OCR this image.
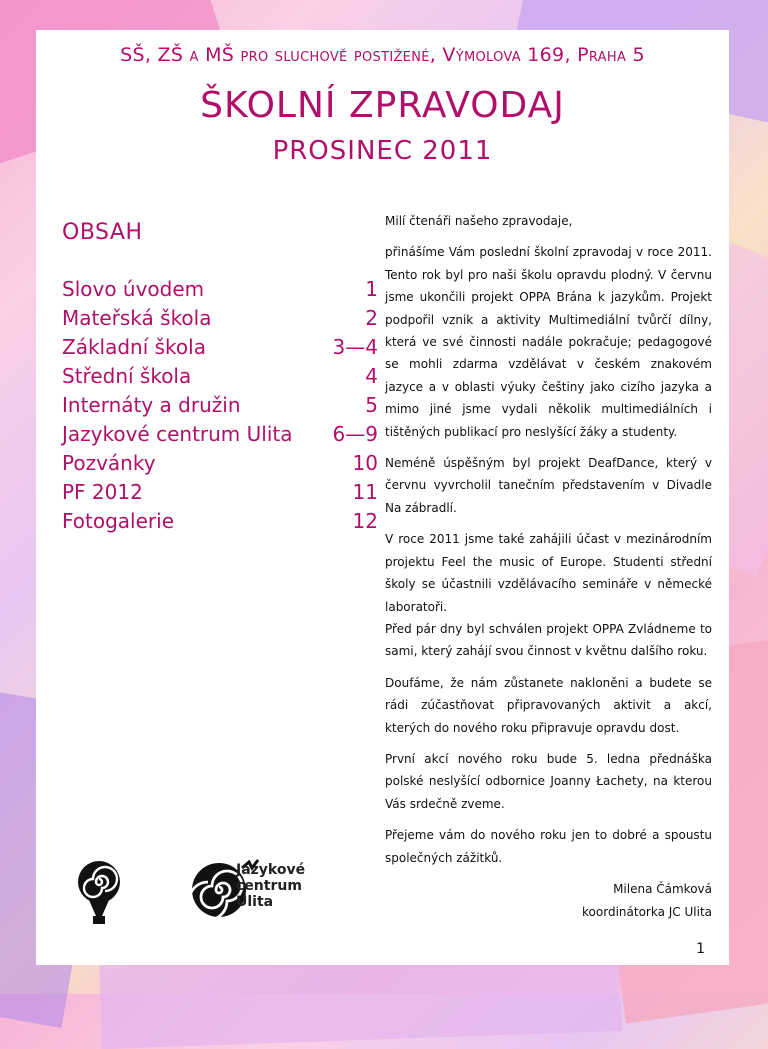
SŠ, ZŠ a MŠ pro sluchově postižené, Výmolova 169, Praha 5
ŠKOLNÍ ZPRAVODAJ
PROSINEC 2011
OBSAH
Slovo úvodem	1
Mateřská škola	2
Základní škola	3—4
Střední škola	4
Internáty a družin	5
Jazykové centrum Ulita 6—9
Pozvánky	10
PF 2012	11
Fotogalerie	12

Milí čtenáři našeho zpravodaje,

přinášíme Vám poslední školní zpravodaj v roce 2011. Tento rok byl pro naši školu opravdu plodný. V červnu jsme ukončili projekt OPPA Brána k jazykům. Projekt podpořil vznik a aktivity Multimediální tvůrčí dílny, která ve své činnosti nadále pokračuje; pedagogové se mohli zdarma vzdělávat v českém znakovém jazyce a v oblasti výuky češtiny jako cizího jazyka a mimo jiné jsme vydali několik multimediálních i tištěných publikací pro neslyšící žáky a studenty.

Neméně úspěšným byl projekt DeafDance, který v červnu vyvrcholil tanečním představením v Divadle Na zábradlí.

V roce 2011 jsme také zahájili účast v mezinárodním projektu Feel the music of Europe. Studenti střední školy se účastnili vzdělávacího semináře v německé laboratoři.

Před pár dny byl schválen projekt OPPA Zvládneme to sami, který zahájí svou činnost v květnu dalšího roku.

Doufáme, že nám zůstanete nakloněni a budete se rádi zúčastňovat připravovaných aktivit a akcí, kterých do nového roku připravuje opravdu dost.

První akcí nového roku bude 5. ledna přednáška polské neslyšící odbornice Joanny Łachety, na kterou Vás srdečně zveme.

Přejeme vám do nového roku jen to dobré a spoustu společných zážitků.

Milena Čámková

koordinátorka JC Ulita

1
Jazykové
centrum
Ulita
